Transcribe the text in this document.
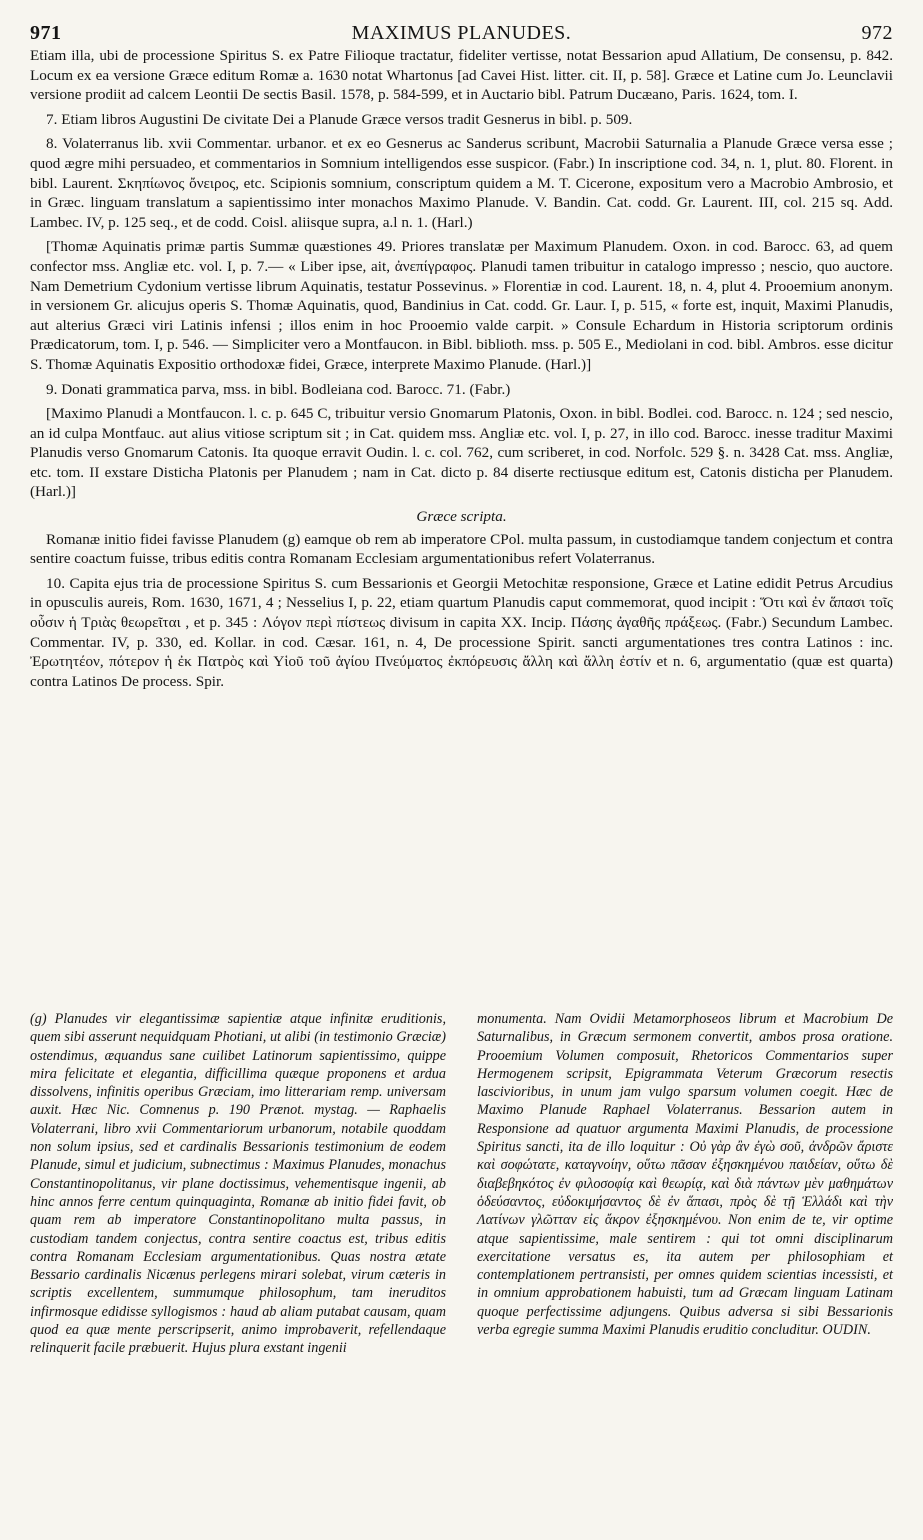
971	MAXIMUS PLANUDES.	972

Etiam illa, ubi de processione Spiritus S. ex Patre Filioque tractatur, fideliter vertisse, notat Bessarion apud Allatium, De consensu, p. 842. Locum ex ea versione Græce editum Romæ a. 1630 notat Whartonus [ad Cavei Hist. litter. cit. II, p. 58]. Græce et Latine cum Jo. Leunclavii versione prodiit ad calcem Leontii De sectis Basil. 1578, p. 584-599, et in Auctario bibl. Patrum Ducæano, Paris. 1624, tom. I.

7. Etiam libros Augustini De civitate Dei a Planude Græce versos tradit Gesnerus in bibl. p. 509.

8. Volaterranus lib. xvii Commentar. urbanor. et ex eo Gesnerus ac Sanderus scribunt, Macrobii Saturnalia a Planude Græce versa esse ; quod ægre mihi persuadeo, et commentarios in Somnium intelligendos esse suspicor. (Fabr.) In inscriptione cod. 34, n. 1, plut. 80. Florent. in bibl. Laurent. Σκηπίωνος ὄνειρος, etc. Scipionis somnium, conscriptum quidem a M. T. Cicerone, expositum vero a Macrobio Ambrosio, et in Græc. linguam translatum a sapientissimo inter monachos Maximo Planude. V. Bandin. Cat. codd. Gr. Laurent. III, col. 215 sq. Add. Lambec. IV, p. 125 seq., et de codd. Coisl. aliisque supra, a.l n. 1. (Harl.)

[Thomæ Aquinatis primæ partis Summæ quæstiones 49. Priores translatæ per Maximum Planudem. Oxon. in cod. Barocc. 63, ad quem confector mss. Angliæ etc. vol. I, p. 7.— « Liber ipse, ait, ἀνεπίγραφος. Planudi tamen tribuitur in catalogo impresso ; nescio, quo auctore. Nam Demetrium Cydonium vertisse librum Aquinatis, testatur Possevinus. » Florentiæ in cod. Laurent. 18, n. 4, plut 4. Prooemium anonym. in versionem Gr. alicujus operis S. Thomæ Aquinatis, quod, Bandinius in Cat. codd. Gr. Laur. I, p. 515, « forte est, inquit, Maximi Planudis, aut alterius Græci viri Latinis infensi ; illos enim in hoc Prooemio valde carpit. » Consule Echardum in Historia scriptorum ordinis Prædicatorum, tom. I, p. 546. — Simpliciter vero a Montfaucon. in Bibl. biblioth. mss. p. 505 E., Mediolani in cod. bibl. Ambros. esse dicitur S. Thomæ Aquinatis Expositio orthodoxæ fidei, Græce, interprete Maximo Planude. (Harl.)]

9. Donati grammatica parva, mss. in bibl. Bodleiana cod. Barocc. 71. (Fabr.)

[Maximo Planudi a Montfaucon. l. c. p. 645 C, tribuitur versio Gnomarum Platonis, Oxon. in bibl. Bodlei. cod. Barocc. n. 124 ; sed nescio, an id culpa Montfauc. aut alius vitiose scriptum sit ; in Cat. quidem mss. Angliæ etc. vol. I, p. 27, in illo cod. Barocc. inesse traditur Maximi Planudis verso Gnomarum Catonis. Ita quoque erravit Oudin. l. c. col. 762, cum scriberet, in cod. Norfolc. 529 §. n. 3428 Cat. mss. Angliæ, etc. tom. II exstare Disticha Platonis per Planudem ; nam in Cat. dicto p. 84 diserte rectiusque editum est, Catonis disticha per Planudem. (Harl.)]

Græce scripta.

Romanæ initio fidei favisse Planudem (g) eamque ob rem ab imperatore CPol. multa passum, in custodiamque tandem conjectum et contra sentire coactum fuisse, tribus editis contra Romanam Ecclesiam argumentationibus refert Volaterranus.

10. Capita ejus tria de processione Spiritus S. cum Bessarionis et Georgii Metochitæ responsione, Græce et Latine edidit Petrus Arcudius in opusculis aureis, Rom. 1630, 1671, 4 ; Nesselius I, p. 22, etiam quartum Planudis caput commemorat, quod incipit : Ὅτι καὶ ἐν ἅπασι τοῖς οὖσιν ἡ Τριὰς θεωρεῖται , et p. 345 : Λόγον περὶ πίστεως divisum in capita XX. Incip. Πάσης ἀγαθῆς πράξεως. (Fabr.) Secundum Lambec. Commentar. IV, p. 330, ed. Kollar. in cod. Cæsar. 161, n. 4, De processione Spirit. sancti argumentationes tres contra Latinos : inc. Ἐρωτητέον, πότερον ἡ ἐκ Πατρὸς καὶ Υἱοῦ τοῦ ἁγίου Πνεύματος ἐκπόρευσις ἄλλη καὶ ἄλλη ἐστίν et n. 6, argumentatio (quæ est quarta) contra Latinos De process. Spir.

(g) Planudes vir elegantissimæ sapientiæ atque infinitæ eruditionis, quem sibi asserunt nequidquam Photiani, ut alibi (in testimonio Græciæ) ostendimus, æquandus sane cuilibet Latinorum sapientissimo, quippe mira felicitate et elegantia, difficillima quæque proponens et ardua dissolvens, infinitis operibus Græciam, imo litterariam remp. universam auxit. Hæc Nic. Comnenus p. 190 Prænot. mystag. — Raphaelis Volaterrani, libro xvii Commentariorum urbanorum, notabile quoddam non solum ipsius, sed et cardinalis Bessarionis testimonium de eodem Planude, simul et judicium, subnectimus : Maximus Planudes, monachus Constantinopolitanus, vir plane doctissimus, vehementisque ingenii, ab hinc annos ferre centum quinquaginta, Romanæ ab initio fidei favit, ob quam rem ab imperatore Constantinopolitano multa passus, in custodiam tandem conjectus, contra sentire coactus est, tribus editis contra Romanam Ecclesiam argumentationibus. Quas nostra ætate Bessario cardinalis Nicænus perlegens mirari solebat, virum cæteris in scriptis excellentem, summumque philosophum, tam ineruditos infirmosque edidisse syllogismos : haud ab aliam putabat causam, quam quod ea quæ mente perscripserit, animo improbaverit, refellendaque relinquerit facile præbuerit. Hujus plura exstant ingenii

monumenta. Nam Ovidii Metamorphoseos librum et Macrobium De Saturnalibus, in Græcum sermonem convertit, ambos prosa oratione. Prooemium Volumen composuit, Rhetoricos Commentarios super Hermogenem scripsit, Epigrammata Veterum Græcorum resectis lascivioribus, in unum jam vulgo sparsum volumen coegit. Hæc de Maximo Planude Raphael Volaterranus. Bessarion autem in Responsione ad quatuor argumenta Maximi Planudis, de processione Spiritus sancti, ita de illo loquitur : Οὐ γὰρ ἂν ἐγὼ σοῦ, ἀνδρῶν ἄριστε καὶ σοφώτατε, καταγνοίην, οὕτω πᾶσαν ἐξησκημένου παιδείαν, οὕτω δὲ διαβεβηκότος ἐν φιλοσοφίᾳ καὶ θεωρίᾳ, καὶ διὰ πάντων μὲν μαθημάτων ὁδεύσαντος, εὐδοκιμήσαντος δὲ ἐν ἅπασι, πρὸς δὲ τῇ Ἑλλάδι καὶ τὴν Λατίνων γλῶτταν εἰς ἄκρον ἐξησκημένου. Non enim de te, vir optime atque sapientissime, male sentirem : qui tot omni disciplinarum exercitatione versatus es, ita autem per philosophiam et contemplationem pertransisti, per omnes quidem scientias incessisti, et in omnium approbationem habuisti, tum ad Græcam linguam Latinam quoque perfectissime adjungens. Quibus adversa si sibi Bessarionis verba egregie summa Maximi Planudis eruditio concluditur. OUDIN.
